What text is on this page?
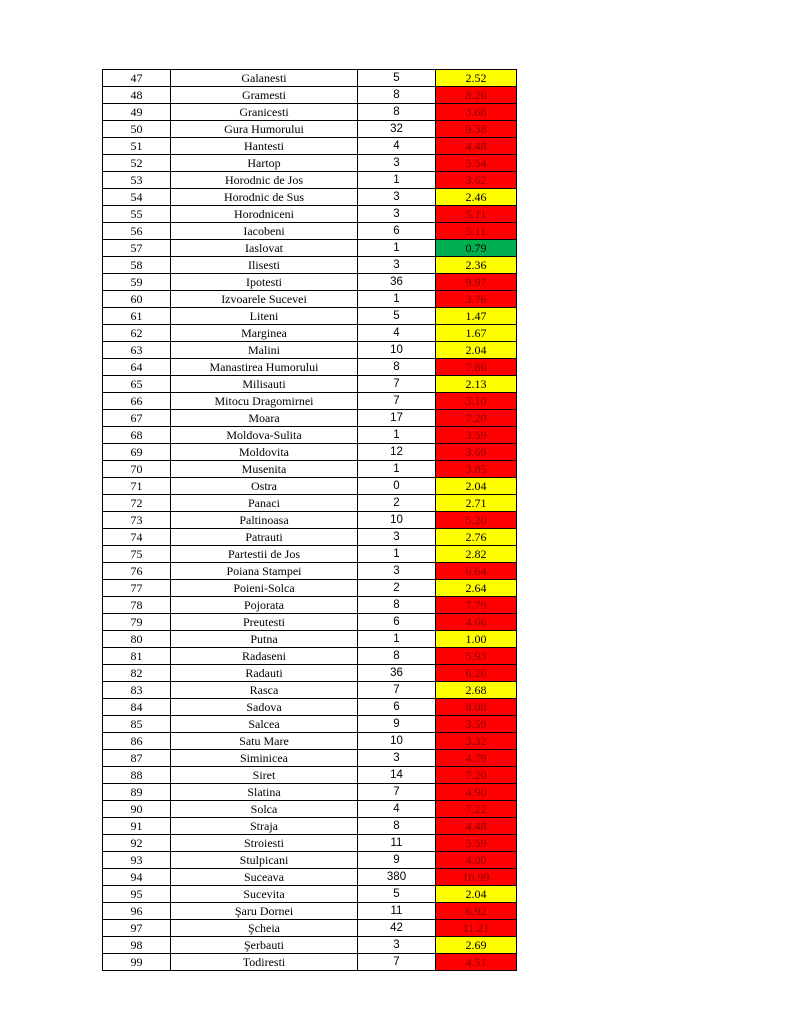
47	Galanesti	5	2.52
48	Gramesti	8	8.26
49	Granicesti	8	3.68
50	Gura Humorului	32	9.38
51	Hantesti	4	4.48
52	Hartop	3	5.54
53	Horodnic de Jos	1	3.62
54	Horodnic de Sus	3	2.46
55	Horodniceni	3	5.11
56	Iacobeni	6	5.11
57	Iaslovat	1	0.79
58	Ilisesti	3	2.36
59	Ipotesti	36	9.97
60	Izvoarele Sucevei	1	3.76
61	Liteni	5	1.47
62	Marginea	4	1.67
63	Malini	10	2.04
64	Manastirea Humorului	8	7.86
65	Milisauti	7	2.13
66	Mitocu Dragomirnei	7	3.10
67	Moara	17	7.20
68	Moldova-Sulita	1	3.59
69	Moldovita	12	3.69
70	Musenita	1	3.85
71	Ostra	0	2.04
72	Panaci	2	2.71
73	Paltinoasa	10	5.20
74	Patrauti	3	2.76
75	Partestii de Jos	1	2.82
76	Poiana Stampei	3	6.64
77	Poieni-Solca	2	2.64
78	Pojorata	8	7.79
79	Preutesti	6	4.66
80	Putna	1	1.00
81	Radaseni	8	5.93
82	Radauti	36	6.26
83	Rasca	7	2.68
84	Sadova	6	8.08
85	Salcea	9	3.59
86	Satu Mare	10	3.32
87	Siminicea	3	4.79
88	Siret	14	7.20
89	Slatina	7	4.90
90	Solca	4	7.22
91	Straja	8	4.48
92	Stroiesti	11	5.59
93	Stulpicani	9	4.00
94	Suceava	380	10.99
95	Sucevita	5	2.04
96	Şaru Dornei	11	6.92
97	Şcheia	42	11.21
98	Şerbauti	3	2.69
99	Todiresti	7	4.51
